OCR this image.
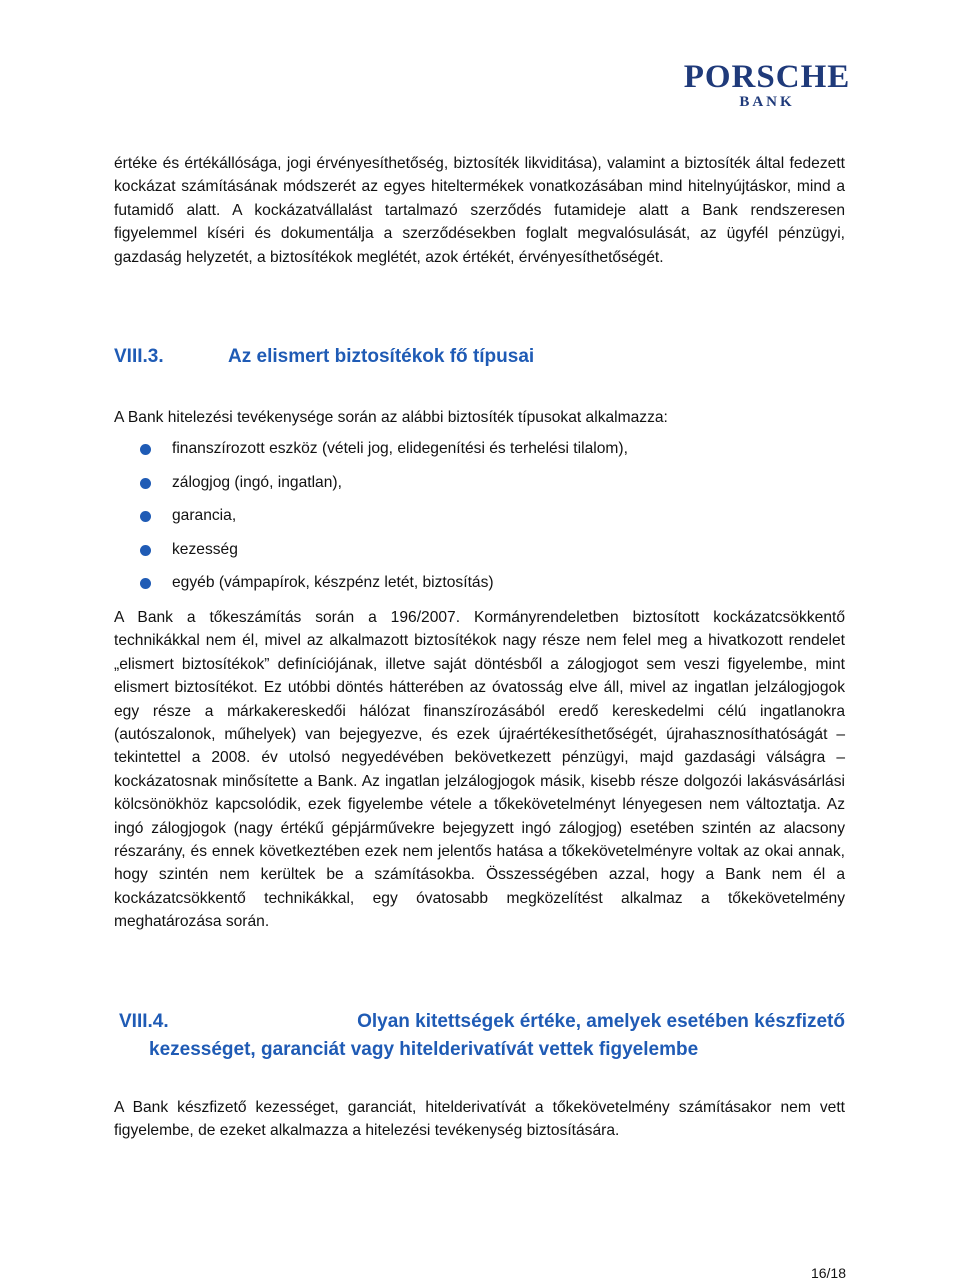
PORSCHE
BANK

értéke és értékállósága, jogi érvényesíthetőség, biztosíték likviditása), valamint a biztosíték által fedezett kockázat számításának módszerét az egyes hiteltermékek vonatkozásában mind hitelnyújtáskor, mind a futamidő alatt. A kockázatvállalást tartalmazó szerződés futamideje alatt a Bank rendszeresen figyelemmel kíséri és dokumentálja a szerződésekben foglalt megvalósulását, az ügyfél pénzügyi, gazdaság helyzetét, a biztosítékok meglétét, azok értékét, érvényesíthetőségét.

VIII.3.	Az elismert biztosítékok fő típusai

A Bank hitelezési tevékenysége során az alábbi biztosíték típusokat alkalmazza:

finanszírozott eszköz (vételi jog, elidegenítési és terhelési tilalom),
zálogjog (ingó, ingatlan),
garancia,
kezesség
egyéb (vámpapírok, készpénz letét, biztosítás)

A Bank a tőkeszámítás során a 196/2007. Kormányrendeletben biztosított kockázatcsökkentő technikákkal nem él, mivel az alkalmazott biztosítékok nagy része nem felel meg a hivatkozott rendelet „elismert biztosítékok” definíciójának, illetve saját döntésből a zálogjogot sem veszi figyelembe, mint elismert biztosítékot. Ez utóbbi döntés hátterében az óvatosság elve áll, mivel az ingatlan jelzálogjogok egy része a márkakereskedői hálózat finanszírozásából eredő kereskedelmi célú ingatlanokra (autószalonok, műhelyek) van bejegyezve, és ezek újraértékesíthetőségét, újrahasznosíthatóságát – tekintettel a 2008. év utolsó negyedévében bekövetkezett pénzügyi, majd gazdasági válságra – kockázatosnak minősítette a Bank. Az ingatlan jelzálogjogok másik, kisebb része dolgozói lakásvásárlási kölcsönökhöz kapcsolódik, ezek figyelembe vétele a tőkekövetelményt lényegesen nem változtatja. Az ingó zálogjogok (nagy értékű gépjárművekre bejegyzett ingó zálogjog) esetében szintén az alacsony részarány, és ennek következtében ezek nem jelentős hatása a tőkekövetelményre voltak az okai annak, hogy szintén nem kerültek be a számításokba. Összességében azzal, hogy a Bank nem él a kockázatcsökkentő technikákkal, egy óvatosabb megközelítést alkalmaz a tőkekövetelmény meghatározása során.

VIII.4.	Olyan kitettségek értéke, amelyek esetében készfizető
kezességet, garanciát vagy hitelderivatívát vettek figyelembe

A Bank készfizető kezességet, garanciát, hitelderivatívát a tőkekövetelmény számításakor nem vett figyelembe, de ezeket alkalmazza a hitelezési tevékenység biztosítására.

16/18
